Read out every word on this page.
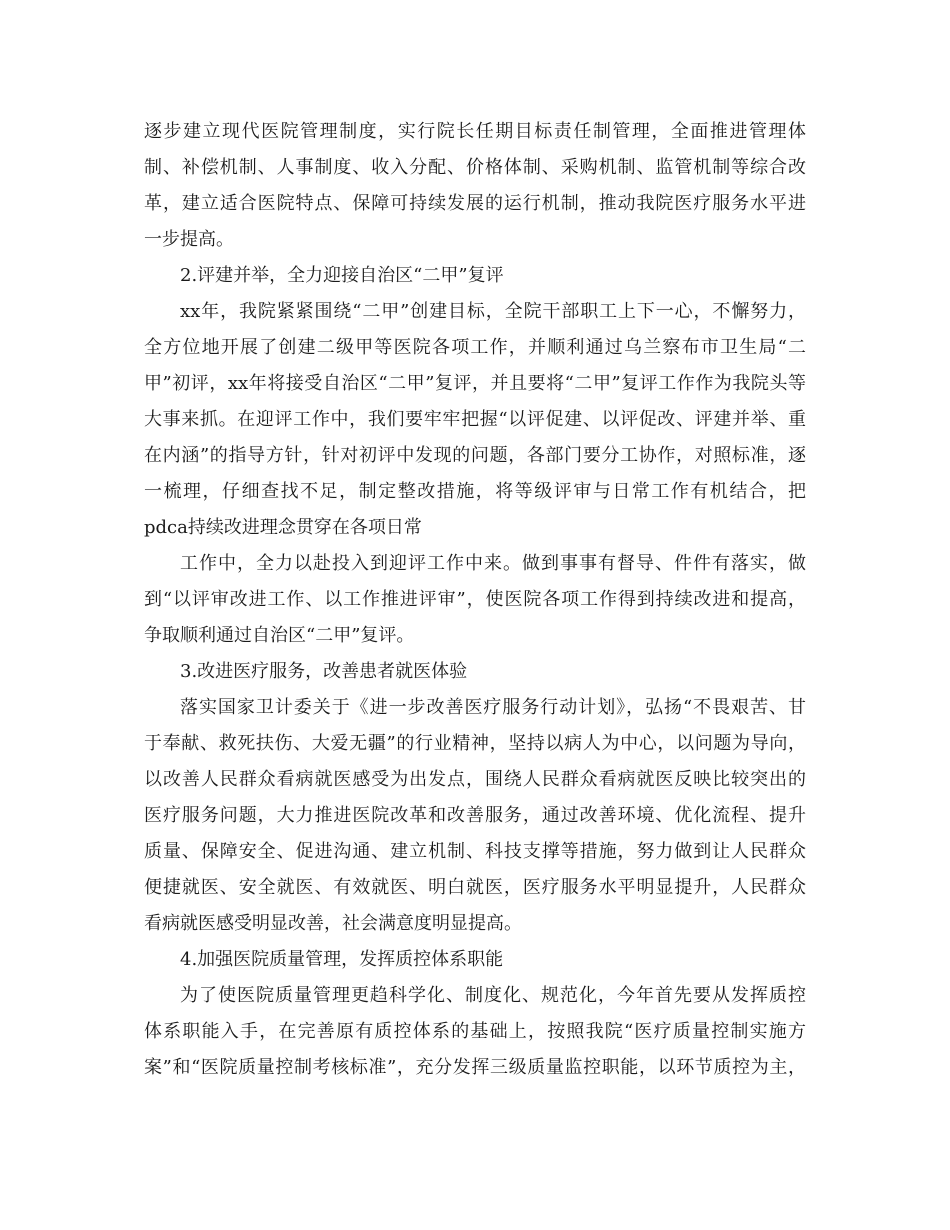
逐步建立现代医院管理制度，实行院长任期目标责任制管理，全面推进管理体
制、补偿机制、人事制度、收入分配、价格体制、采购机制、监管机制等综合改
革，建立适合医院特点、保障可持续发展的运行机制，推动我院医疗服务水平进
一步提高。
2.评建并举，全力迎接自治区“二甲”复评
xx年，我院紧紧围绕“二甲”创建目标，全院干部职工上下一心，不懈努力，
全方位地开展了创建二级甲等医院各项工作，并顺利通过乌兰察布市卫生局“二
甲”初评，xx年将接受自治区“二甲”复评，并且要将“二甲”复评工作作为我院头等
大事来抓。在迎评工作中，我们要牢牢把握“以评促建、以评促改、评建并举、重
在内涵”的指导方针，针对初评中发现的问题，各部门要分工协作，对照标准，逐
一梳理，仔细查找不足，制定整改措施，将等级评审与日常工作有机结合，把
pdca持续改进理念贯穿在各项日常
工作中，全力以赴投入到迎评工作中来。做到事事有督导、件件有落实，做
到“以评审改进工作、以工作推进评审”，使医院各项工作得到持续改进和提高，
争取顺利通过自治区“二甲”复评。
3.改进医疗服务，改善患者就医体验
落实国家卫计委关于《进一步改善医疗服务行动计划》，弘扬“不畏艰苦、甘
于奉献、救死扶伤、大爱无疆”的行业精神，坚持以病人为中心，以问题为导向，
以改善人民群众看病就医感受为出发点，围绕人民群众看病就医反映比较突出的
医疗服务问题，大力推进医院改革和改善服务，通过改善环境、优化流程、提升
质量、保障安全、促进沟通、建立机制、科技支撑等措施，努力做到让人民群众
便捷就医、安全就医、有效就医、明白就医，医疗服务水平明显提升，人民群众
看病就医感受明显改善，社会满意度明显提高。
4.加强医院质量管理，发挥质控体系职能
为了使医院质量管理更趋科学化、制度化、规范化，今年首先要从发挥质控
体系职能入手，在完善原有质控体系的基础上，按照我院“医疗质量控制实施方
案”和“医院质量控制考核标准”，充分发挥三级质量监控职能，以环节质控为主，
